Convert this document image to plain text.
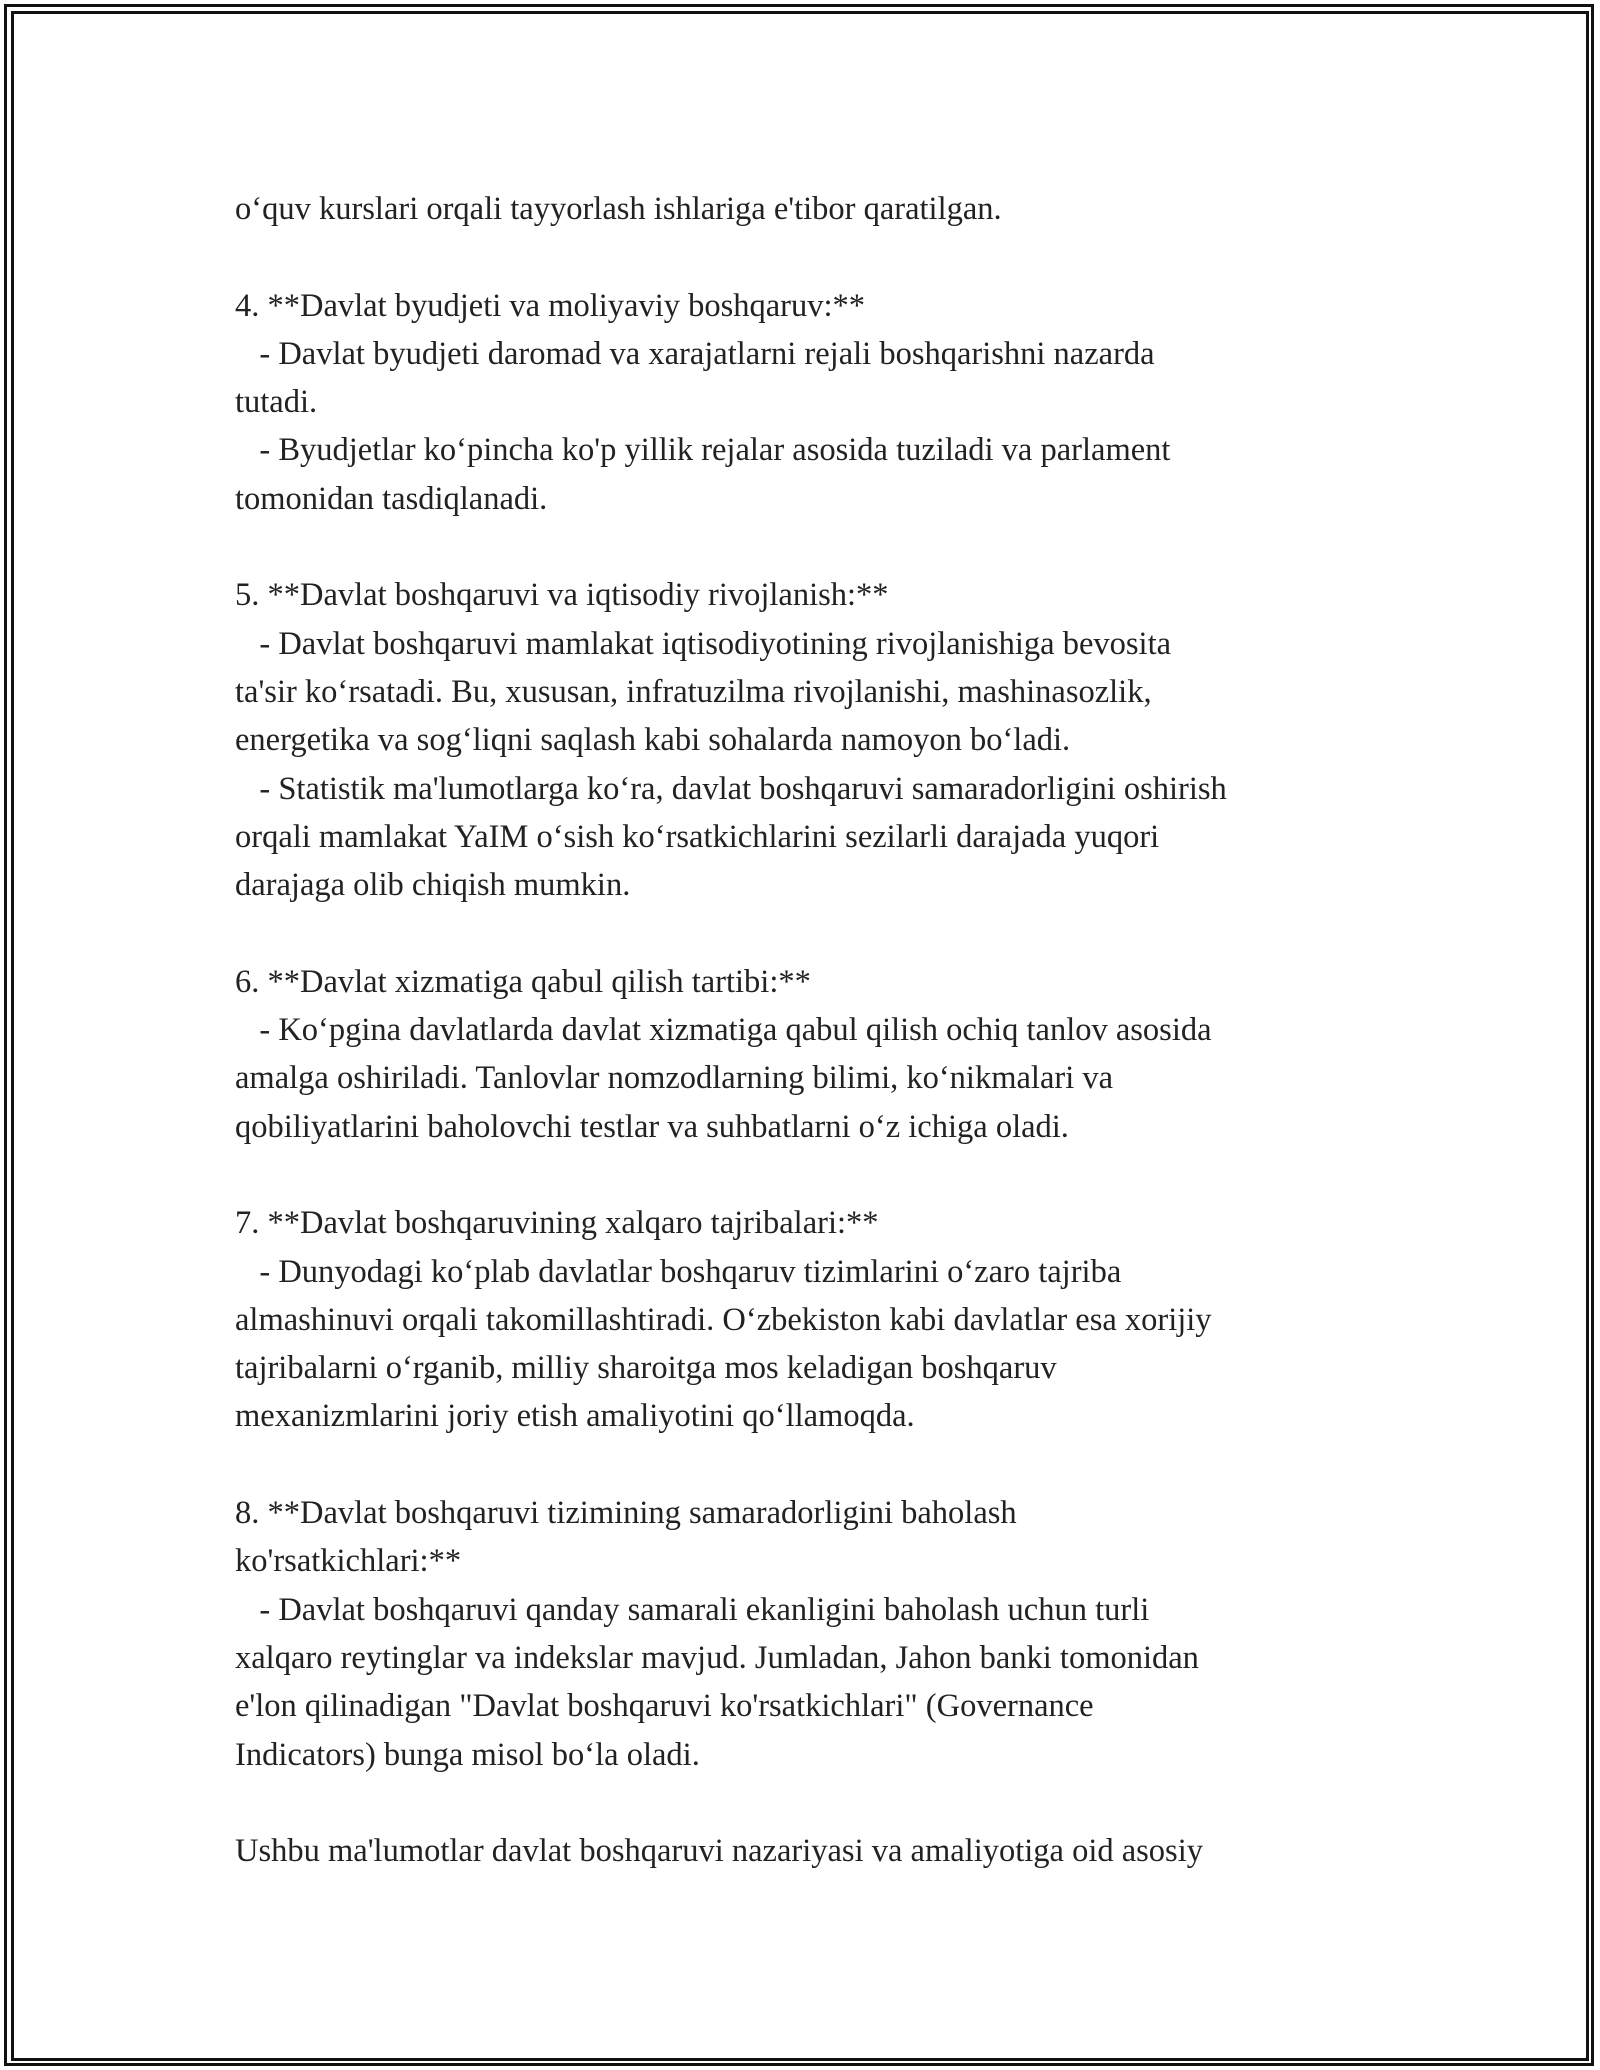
o‘quv kurslari orqali tayyorlash ishlariga e'tibor qaratilgan.

4. **Davlat byudjeti va moliyaviy boshqaruv:**

- Davlat byudjeti daromad va xarajatlarni rejali boshqarishni nazarda

tutadi.

- Byudjetlar ko‘pincha ko'p yillik rejalar asosida tuziladi va parlament

tomonidan tasdiqlanadi.

5. **Davlat boshqaruvi va iqtisodiy rivojlanish:**

- Davlat boshqaruvi mamlakat iqtisodiyotining rivojlanishiga bevosita

ta'sir ko‘rsatadi. Bu, xususan, infratuzilma rivojlanishi, mashinasozlik,

energetika va sog‘liqni saqlash kabi sohalarda namoyon bo‘ladi.

- Statistik ma'lumotlarga ko‘ra, davlat boshqaruvi samaradorligini oshirish

orqali mamlakat YaIM o‘sish ko‘rsatkichlarini sezilarli darajada yuqori

darajaga olib chiqish mumkin.

6. **Davlat xizmatiga qabul qilish tartibi:**

- Ko‘pgina davlatlarda davlat xizmatiga qabul qilish ochiq tanlov asosida

amalga oshiriladi. Tanlovlar nomzodlarning bilimi, ko‘nikmalari va

qobiliyatlarini baholovchi testlar va suhbatlarni o‘z ichiga oladi.

7. **Davlat boshqaruvining xalqaro tajribalari:**

- Dunyodagi ko‘plab davlatlar boshqaruv tizimlarini o‘zaro tajriba

almashinuvi orqali takomillashtiradi. O‘zbekiston kabi davlatlar esa xorijiy

tajribalarni o‘rganib, milliy sharoitga mos keladigan boshqaruv

mexanizmlarini joriy etish amaliyotini qo‘llamoqda.

8. **Davlat boshqaruvi tizimining samaradorligini baholash

ko'rsatkichlari:**

- Davlat boshqaruvi qanday samarali ekanligini baholash uchun turli

xalqaro reytinglar va indekslar mavjud. Jumladan, Jahon banki tomonidan

e'lon qilinadigan "Davlat boshqaruvi ko'rsatkichlari" (Governance

Indicators) bunga misol bo‘la oladi.

Ushbu ma'lumotlar davlat boshqaruvi nazariyasi va amaliyotiga oid asosiy
